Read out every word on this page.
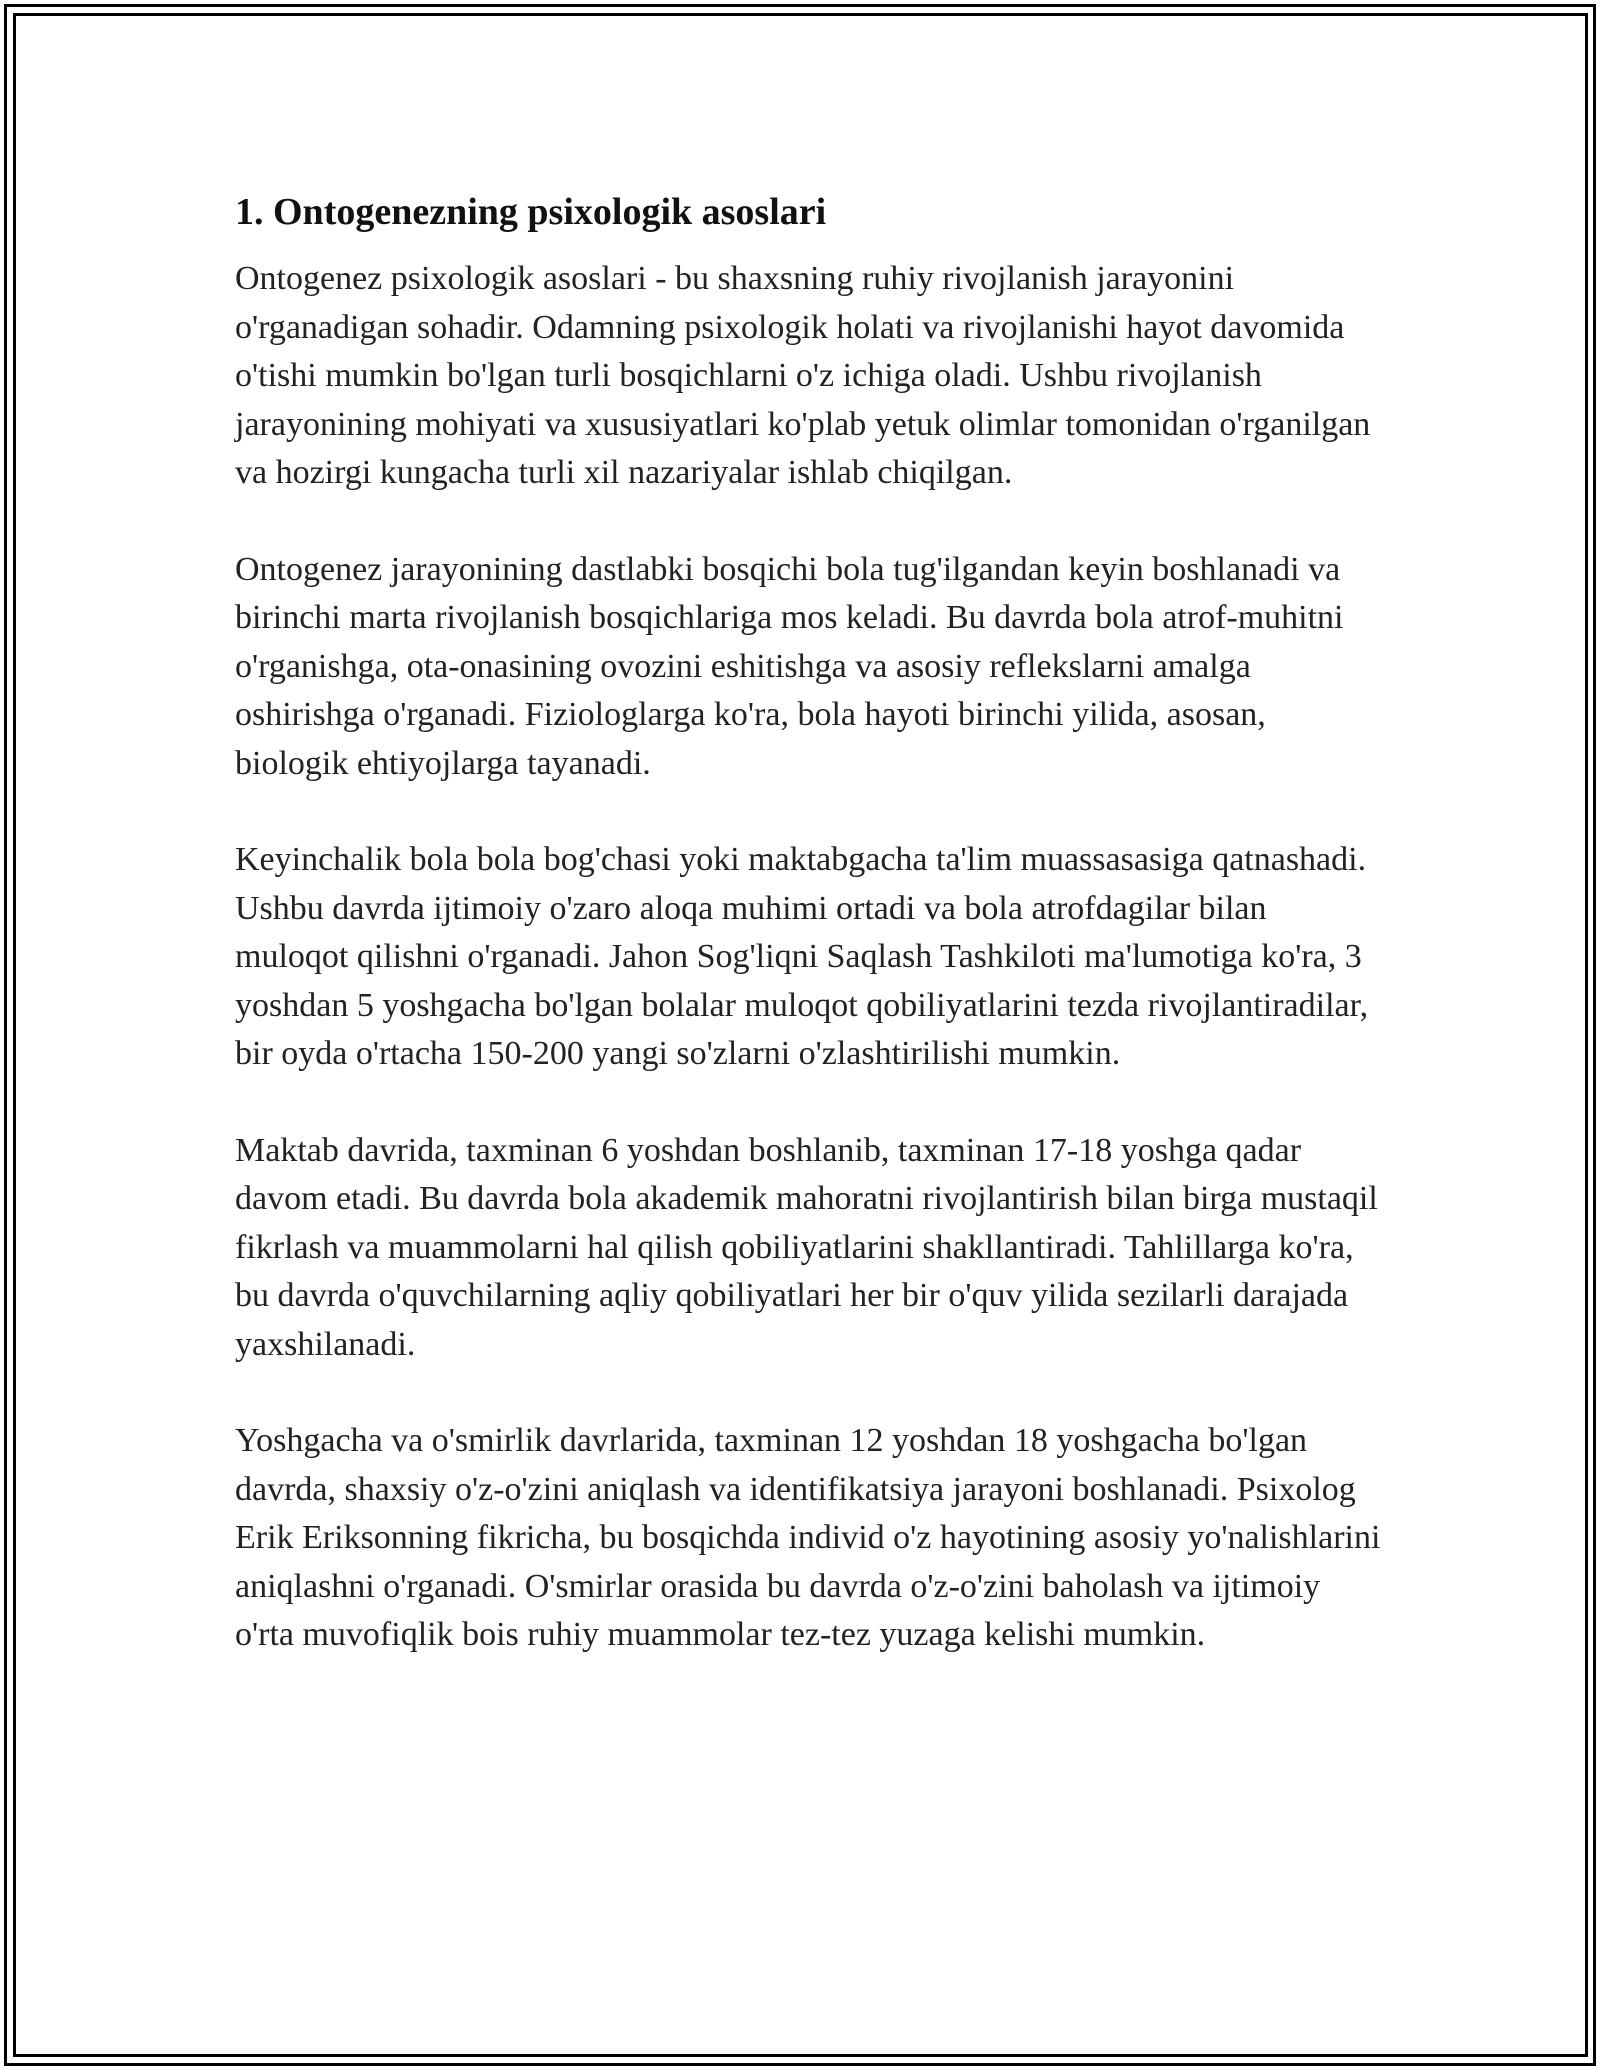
1. Ontogenezning psixologik asoslari

Ontogenez psixologik asoslari - bu shaxsning ruhiy rivojlanish jarayonini o'rganadigan sohadir. Odamning psixologik holati va rivojlanishi hayot davomida o'tishi mumkin bo'lgan turli bosqichlarni o'z ichiga oladi. Ushbu rivojlanish jarayonining mohiyati va xususiyatlari ko'plab yetuk olimlar tomonidan o'rganilgan va hozirgi kungacha turli xil nazariyalar ishlab chiqilgan.

Ontogenez jarayonining dastlabki bosqichi bola tug'ilgandan keyin boshlanadi va birinchi marta rivojlanish bosqichlariga mos keladi. Bu davrda bola atrof-muhitni o'rganishga, ota-onasining ovozini eshitishga va asosiy reflekslarni amalga oshirishga o'rganadi. Fiziologlarga ko'ra, bola hayoti birinchi yilida, asosan, biologik ehtiyojlarga tayanadi.

Keyinchalik bola bola bog'chasi yoki maktabgacha ta'lim muassasasiga qatnashadi. Ushbu davrda ijtimoiy o'zaro aloqa muhimi ortadi va bola atrofdagilar bilan muloqot qilishni o'rganadi. Jahon Sog'liqni Saqlash Tashkiloti ma'lumotiga ko'ra, 3 yoshdan 5 yoshgacha bo'lgan bolalar muloqot qobiliyatlarini tezda rivojlantiradilar, bir oyda o'rtacha 150-200 yangi so'zlarni o'zlashtirilishi mumkin.

Maktab davrida, taxminan 6 yoshdan boshlanib, taxminan 17-18 yoshga qadar davom etadi. Bu davrda bola akademik mahoratni rivojlantirish bilan birga mustaqil fikrlash va muammolarni hal qilish qobiliyatlarini shakllantiradi. Tahlillarga ko'ra, bu davrda o'quvchilarning aqliy qobiliyatlari her bir o'quv yilida sezilarli darajada yaxshilanadi.

Yoshgacha va o'smirlik davrlarida, taxminan 12 yoshdan 18 yoshgacha bo'lgan davrda, shaxsiy o'z-o'zini aniqlash va identifikatsiya jarayoni boshlanadi. Psixolog Erik Eriksonning fikricha, bu bosqichda individ o'z hayotining asosiy yo'nalishlarini aniqlashni o'rganadi. O'smirlar orasida bu davrda o'z-o'zini baholash va ijtimoiy o'rta muvofiqlik bois ruhiy muammolar tez-tez yuzaga kelishi mumkin.
